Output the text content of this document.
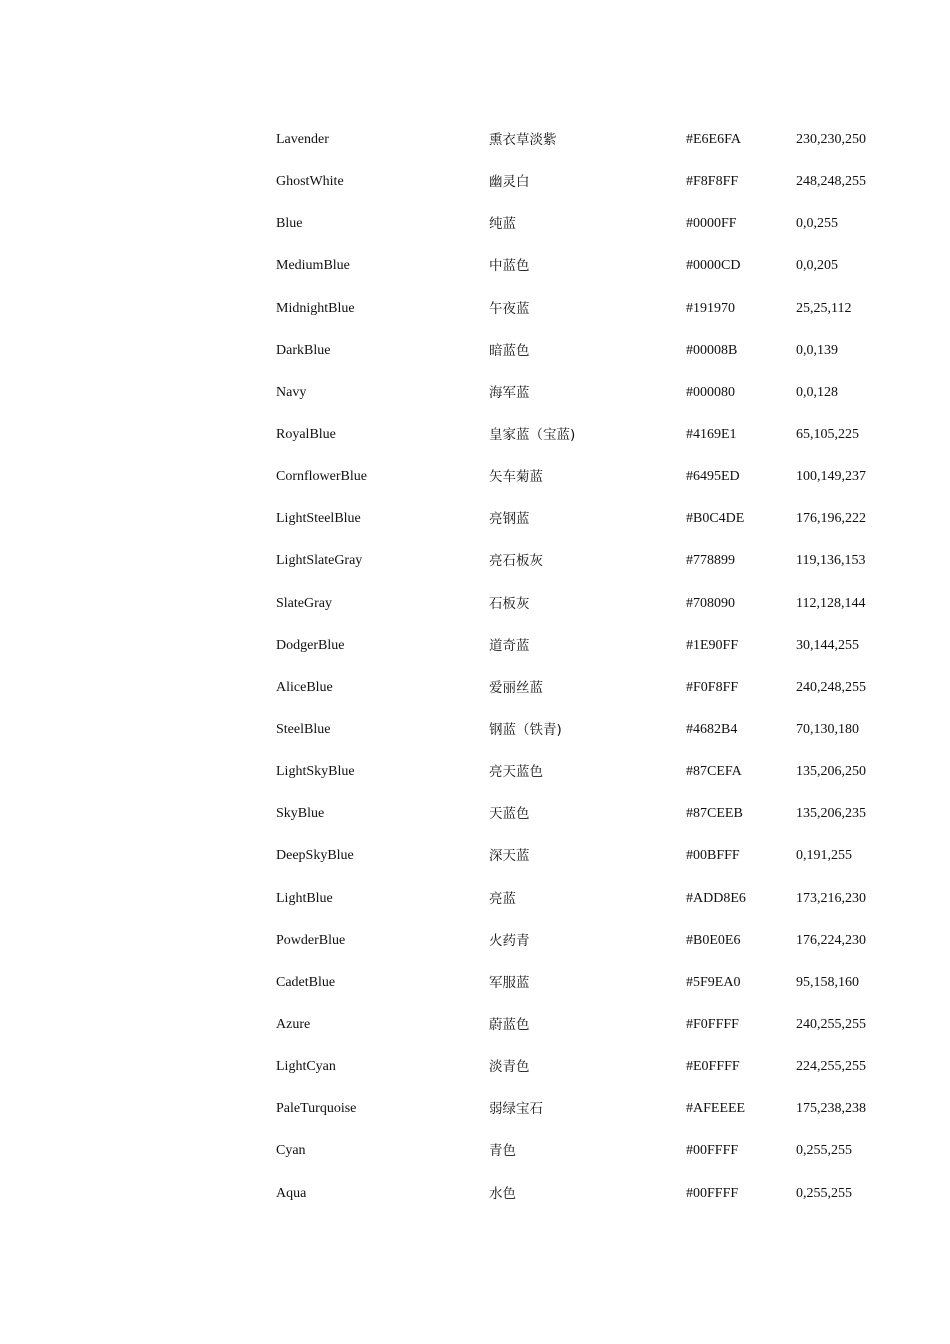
Lavender	熏衣草淡紫	#E6E6FA	230,230,250
GhostWhite	幽灵白	#F8F8FF	248,248,255
Blue	纯蓝	#0000FF	0,0,255
MediumBlue	中蓝色	#0000CD	0,0,205
MidnightBlue	午夜蓝	#191970	25,25,112
DarkBlue	暗蓝色	#00008B	0,0,139
Navy	海军蓝	#000080	0,0,128
RoyalBlue	皇家蓝（宝蓝)	#4169E1	65,105,225
CornflowerBlue	矢车菊蓝	#6495ED	100,149,237
LightSteelBlue	亮钢蓝	#B0C4DE	176,196,222
LightSlateGray	亮石板灰	#778899	119,136,153
SlateGray	石板灰	#708090	112,128,144
DodgerBlue	道奇蓝	#1E90FF	30,144,255
AliceBlue	爱丽丝蓝	#F0F8FF	240,248,255
SteelBlue	钢蓝（铁青)	#4682B4	70,130,180
LightSkyBlue	亮天蓝色	#87CEFA	135,206,250
SkyBlue	天蓝色	#87CEEB	135,206,235
DeepSkyBlue	深天蓝	#00BFFF	0,191,255
LightBlue	亮蓝	#ADD8E6	173,216,230
PowderBlue	火药青	#B0E0E6	176,224,230
CadetBlue	军服蓝	#5F9EA0	95,158,160
Azure	蔚蓝色	#F0FFFF	240,255,255
LightCyan	淡青色	#E0FFFF	224,255,255
PaleTurquoise	弱绿宝石	#AFEEEE	175,238,238
Cyan	青色	#00FFFF	0,255,255
Aqua	水色	#00FFFF	0,255,255
